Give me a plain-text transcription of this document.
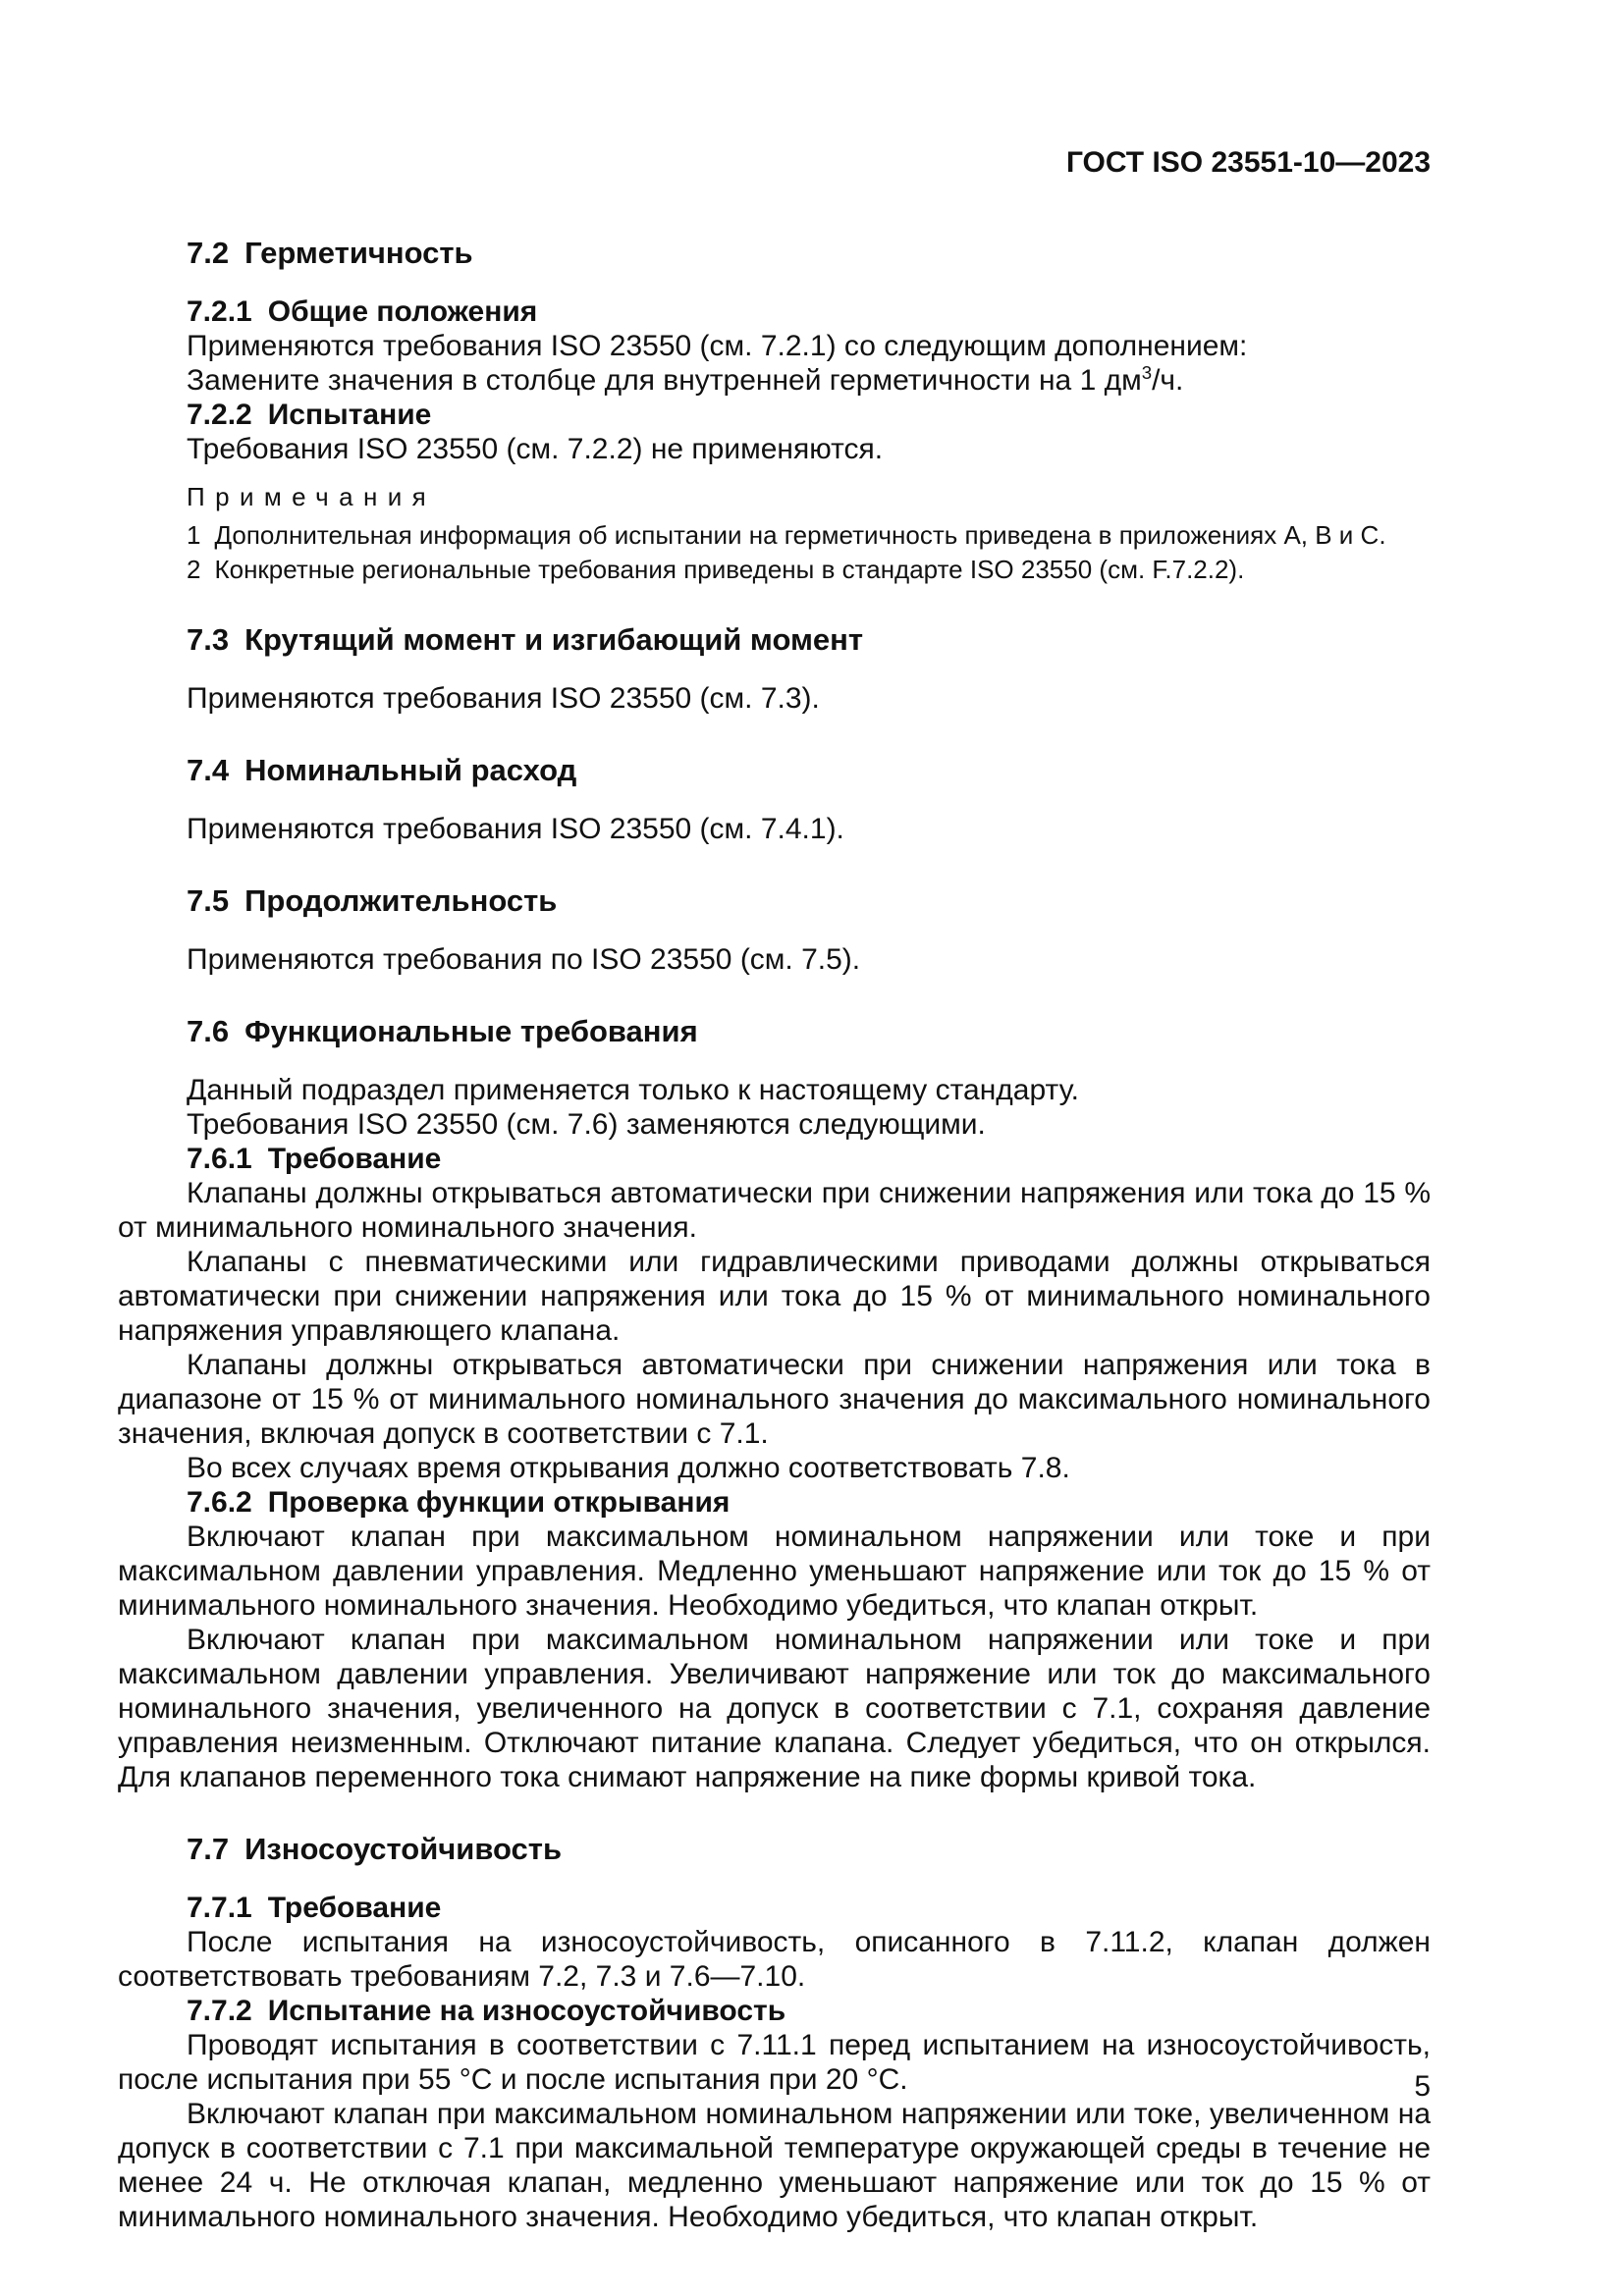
ГОСТ ISO 23551-10—2023
7.2 Герметичность
7.2.1 Общие положения

Применяются требования ISO 23550 (см. 7.2.1) со следующим дополнением:

Замените значения в столбце для внутренней герметичности на 1 $дм^3/ч$.

7.2.2 Испытание

Требования ISO 23550 (см. 7.2.2) не применяются.

Примечания
1 Дополнительная информация об испытании на герметичность приведена в приложениях A, B и C.
2 Конкретные региональные требования приведены в стандарте ISO 23550 (см. F.7.2.2).
7.3 Крутящий момент и изгибающий момент

Применяются требования ISO 23550 (см. 7.3).

7.4 Номинальный расход

Применяются требования ISO 23550 (см. 7.4.1).

7.5 Продолжительность

Применяются требования по ISO 23550 (см. 7.5).

7.6 Функциональные требования

Данный подраздел применяется только к настоящему стандарту.

Требования ISO 23550 (см. 7.6) заменяются следующими.

7.6.1 Требование

Клапаны должны открываться автоматически при снижении напряжения или тока до 15 % от минимального номинального значения.

Клапаны с пневматическими или гидравлическими приводами должны открываться автоматически при снижении напряжения или тока до 15 % от минимального номинального напряжения управляющего клапана.

Клапаны должны открываться автоматически при снижении напряжения или тока в диапазоне от 15 % от минимального номинального значения до максимального номинального значения, включая допуск в соответствии с 7.1.

Во всех случаях время открывания должно соответствовать 7.8.

7.6.2 Проверка функции открывания

Включают клапан при максимальном номинальном напряжении или токе и при максимальном давлении управления. Медленно уменьшают напряжение или ток до 15 % от минимального номинального значения. Необходимо убедиться, что клапан открыт.

Включают клапан при максимальном номинальном напряжении или токе и при максимальном давлении управления. Увеличивают напряжение или ток до максимального номинального значения, увеличенного на допуск в соответствии с 7.1, сохраняя давление управления неизменным. Отключают питание клапана. Следует убедиться, что он открылся. Для клапанов переменного тока снимают напряжение на пике формы кривой тока.

7.7 Износоустойчивость
7.7.1 Требование

После испытания на износоустойчивость, описанного в 7.11.2, клапан должен соответствовать требованиям 7.2, 7.3 и 7.6—7.10.

7.7.2 Испытание на износоустойчивость

Проводят испытания в соответствии с 7.11.1 перед испытанием на износоустойчивость, после испытания при 55 °C и после испытания при 20 °C.

Включают клапан при максимальном номинальном напряжении или токе, увеличенном на допуск в соответствии с 7.1 при максимальной температуре окружающей среды в течение не менее 24 ч. Не отключая клапан, медленно уменьшают напряжение или ток до 15 % от минимального номинального значения. Необходимо убедиться, что клапан открыт.

5
